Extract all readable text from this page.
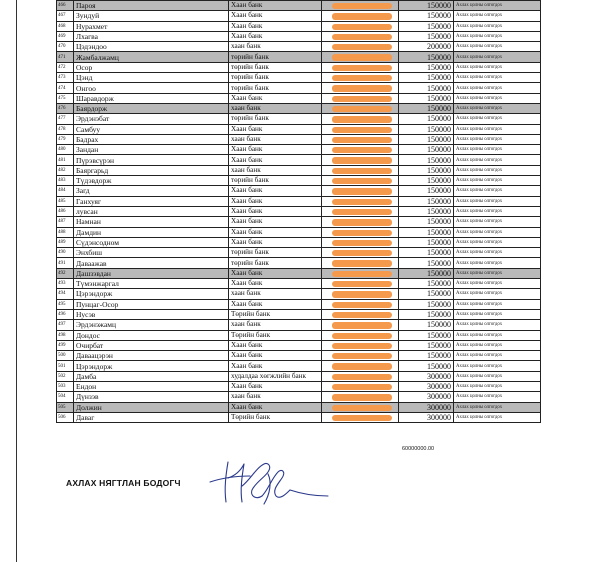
466	Пароя	Хаан банк		150000	Ахлах цолны олгогдох
467	Зундуй	Хаан банк		150000	Ахлах цолны олгогдох
468	Нурахмет	Хаан банк		150000	Ахлах цолны олгогдох
469	Лхагва	Хаан банк		150000	Ахлах цолны олгогдох
470	Цэдэндоо	хаан банк		200000	Ахлах цолны олгогдох
471	Жамбалжамц	төрийн банк		150000	Ахлах цолны олгогдох
472	Осор	төрийн банк		150000	Ахлах цолны олгогдох
473	Цэнд	төрийн банк		150000	Ахлах цолны олгогдох
474	Онгоо	төрийн банк		150000	Ахлах цолны олгогдох
475	Шаравдорж	Хаан банк		150000	Ахлах цолны олгогдох
476	Баярдорж	хаан банк		150000	Ахлах цолны олгогдох
477	Эрдэнэбат	төрийн банк		150000	Ахлах цолны олгогдох
478	Самбуу	Хаан банк		150000	Ахлах цолны олгогдох
479	Бадрах	хаан банк		150000	Ахлах цолны олгогдох
480	Зандан	Хаан банк		150000	Ахлах цолны олгогдох
481	Пүрэвсүрэн	Хаан банк		150000	Ахлах цолны олгогдох
482	Баяргарьд	хаан банк		150000	Ахлах цолны олгогдох
483	Түдэвдорж	төрийн банк		150000	Ахлах цолны олгогдох
484	Загд	Хаан банк		150000	Ахлах цолны олгогдох
485	Ганхуяг	Хаан банк		150000	Ахлах цолны олгогдох
486	лувсан	Хаан банк		150000	Ахлах цолны олгогдох
487	Намнан	Хаан банк		150000	Ахлах цолны олгогдох
488	Дамдин	Хаан банк		150000	Ахлах цолны олгогдох
489	Сүдэнсодном	Хаан банк		150000	Ахлах цолны олгогдох
490	Энхбиш	төрийн банк		150000	Ахлах цолны олгогдох
491	Даваажав	төрийн банк		150000	Ахлах цолны олгогдох
492	Дашзэвдан	Хаан банк		150000	Ахлах цолны олгогдох
493	Түмэнжаргал	Хаан банк		150000	Ахлах цолны олгогдох
494	Цэрэндорж	хаан банк		150000	Ахлах цолны олгогдох
495	Пунцаг-Осор	Хаан банк		150000	Ахлах цолны олгогдох
496	Нусэв	Төрийн банк		150000	Ахлах цолны олгогдох
497	Эрдэнэжамц	хаан банк		150000	Ахлах цолны олгогдох
498	Дондос	Төрийн банк		150000	Ахлах цолны олгогдох
499	Очирбат	Хаан банк		150000	Ахлах цолны олгогдох
500	Даваацэрэн	Хаан банк		150000	Ахлах цолны олгогдох
501	Цэрэндорж	Хаан банк		150000	Ахлах цолны олгогдох
502	Дамба	худалдаа хөгжлийн банк		300000	Ахлах цолны олгогдох
503	Ендон	Хаан банк		300000	Ахлах цолны олгогдох
504	Дүнзэв	хаан банк		300000	Ахлах цолны олгогдох
505	Должин	Хаан банк		300000	Ахлах цолны олгогдох
506	Даваг	Төрийн банк		300000	Ахлах цолны олгогдох
60000000.00
АХЛАХ НЯГТЛАН БОДОГЧ
